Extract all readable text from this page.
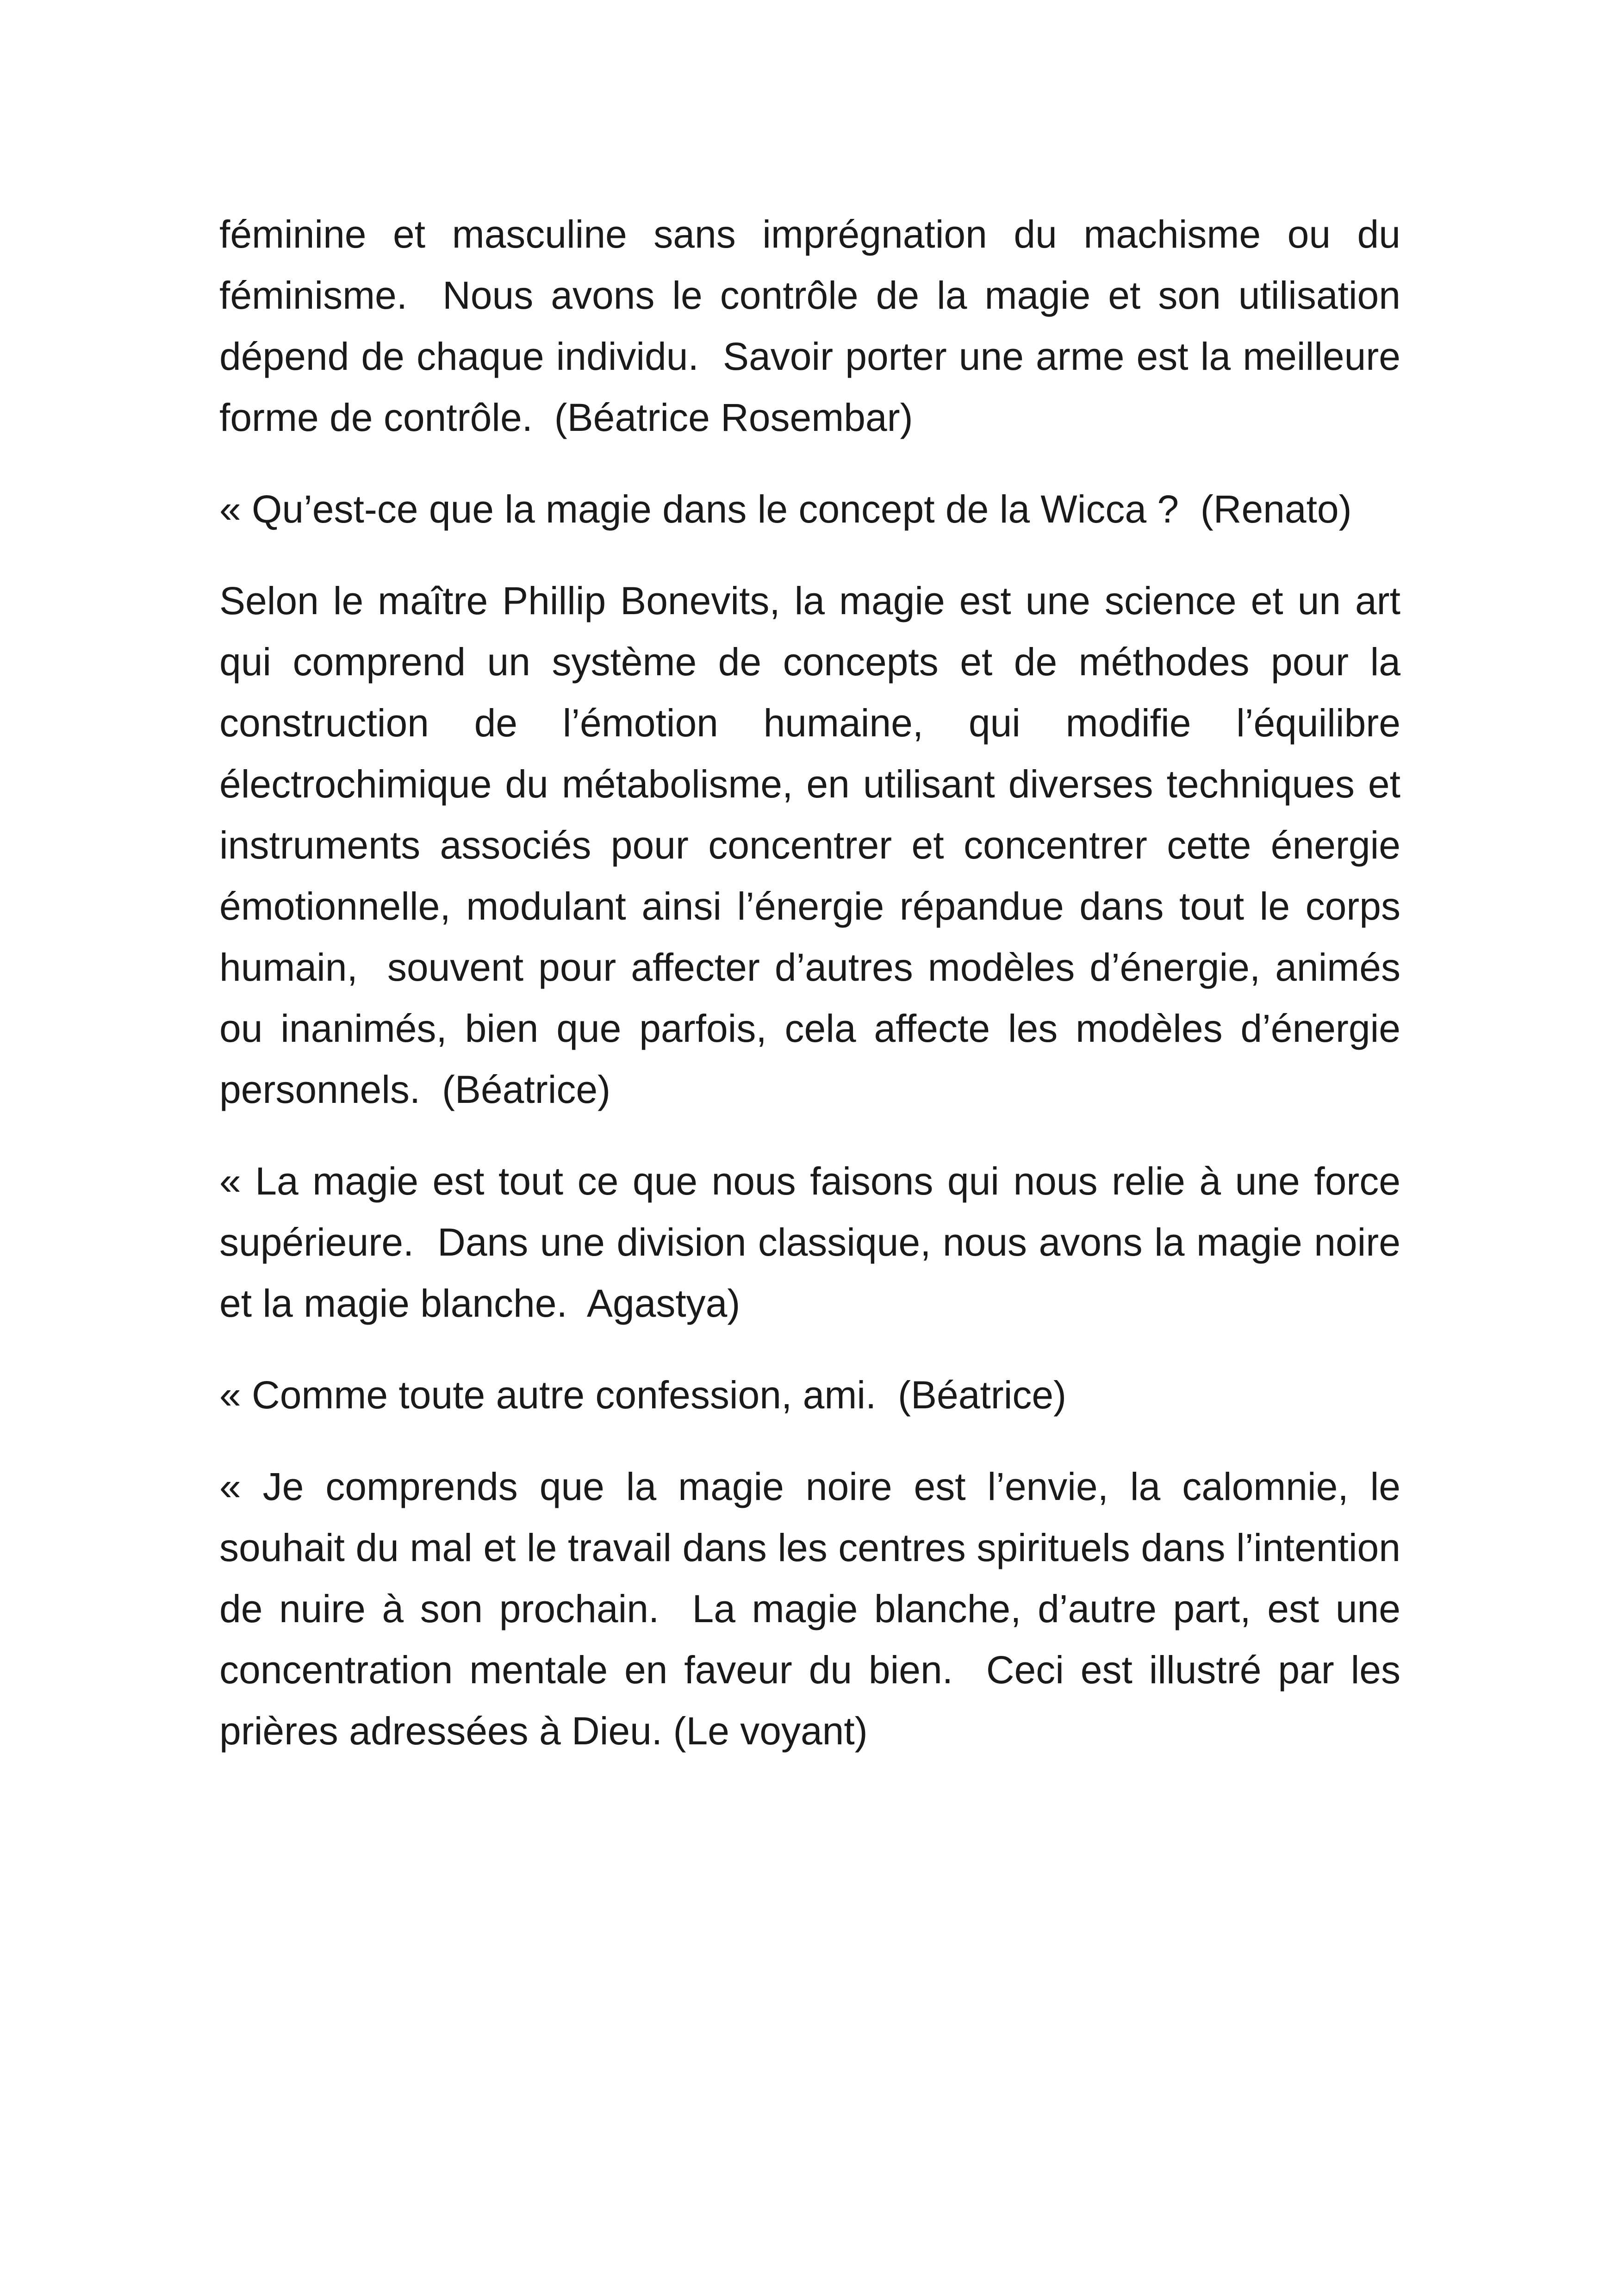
féminine et masculine sans imprégnation du machisme ou du féminisme.  Nous avons le contrôle de la magie et son utilisation dépend de chaque individu.  Savoir porter une arme est la meilleure forme de contrôle.  (Béatrice Rosembar)

« Qu’est-ce que la magie dans le concept de la Wicca ?  (Renato)

Selon le maître Phillip Bonevits, la magie est une science et un art qui comprend un système de concepts et de méthodes pour la construction de l’émotion humaine, qui modifie l’équilibre électrochimique du métabolisme, en utilisant diverses techniques et instruments associés pour concentrer et concentrer cette énergie émotionnelle, modulant ainsi l’énergie répandue dans tout le corps humain,  souvent pour affecter d’autres modèles d’énergie, animés ou inanimés, bien que parfois, cela affecte les modèles d’énergie personnels.  (Béatrice)

« La magie est tout ce que nous faisons qui nous relie à une force supérieure.  Dans une division classique, nous avons la magie noire et la magie blanche.  Agastya)

« Comme toute autre confession, ami.  (Béatrice)

« Je comprends que la magie noire est l’envie, la calomnie, le souhait du mal et le travail dans les centres spirituels dans l’intention de nuire à son prochain.  La magie blanche, d’autre part, est une concentration mentale en faveur du bien.  Ceci est illustré par les prières adressées à Dieu. (Le voyant)
